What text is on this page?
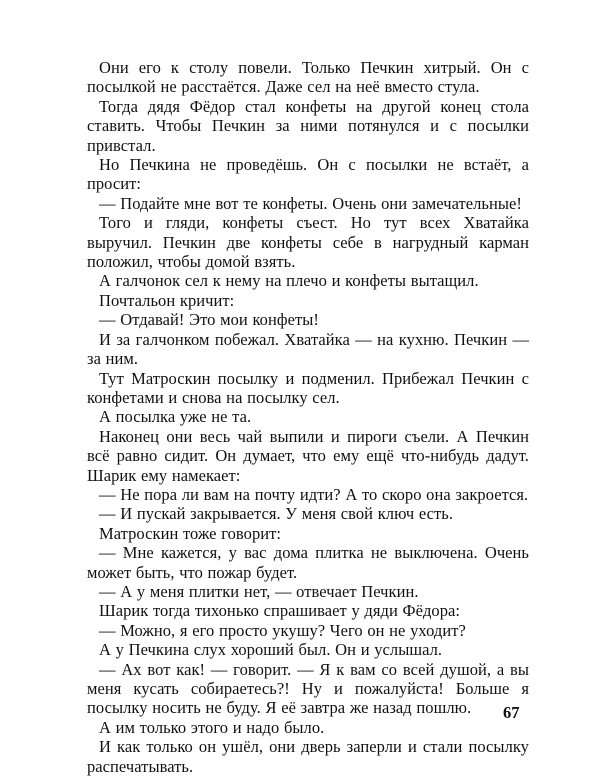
Они его к столу повели. Только Печкин хитрый. Он с посылкой не расстаётся. Даже сел на неё вместо стула.

Тогда дядя Фёдор стал конфеты на другой конец стола ставить. Чтобы Печкин за ними потянулся и с посылки привстал.

Но Печкина не проведёшь. Он с посылки не встаёт, а просит:

— Подайте мне вот те конфеты. Очень они замечательные!

Того и гляди, конфеты съест. Но тут всех Хватайка выручил. Печкин две конфеты себе в нагрудный карман положил, чтобы домой взять.

А галчонок сел к нему на плечо и конфеты вытащил.

Почтальон кричит:

— Отдавай! Это мои конфеты!

И за галчонком побежал. Хватайка — на кухню. Печкин — за ним.

Тут Матроскин посылку и подменил. Прибежал Печкин с конфетами и снова на посылку сел.

А посылка уже не та.

Наконец они весь чай выпили и пироги съели. А Печкин всё равно сидит. Он думает, что ему ещё что-нибудь дадут. Шарик ему намекает:

— Не пора ли вам на почту идти? А то скоро она закроется.

— И пускай закрывается. У меня свой ключ есть.

Матроскин тоже говорит:

— Мне кажется, у вас дома плитка не выключена. Очень может быть, что пожар будет.

— А у меня плитки нет, — отвечает Печкин.

Шарик тогда тихонько спрашивает у дяди Фёдора:

— Можно, я его просто укушу? Чего он не уходит?

А у Печкина слух хороший был. Он и услышал.

— Ах вот как! — говорит. — Я к вам со всей душой, а вы меня кусать собираетесь?! Ну и пожалуйста! Больше я посылку носить не буду. Я её завтра же назад пошлю.

А им только этого и надо было.

И как только он ушёл, они дверь заперли и стали посылку распечатывать.

67
